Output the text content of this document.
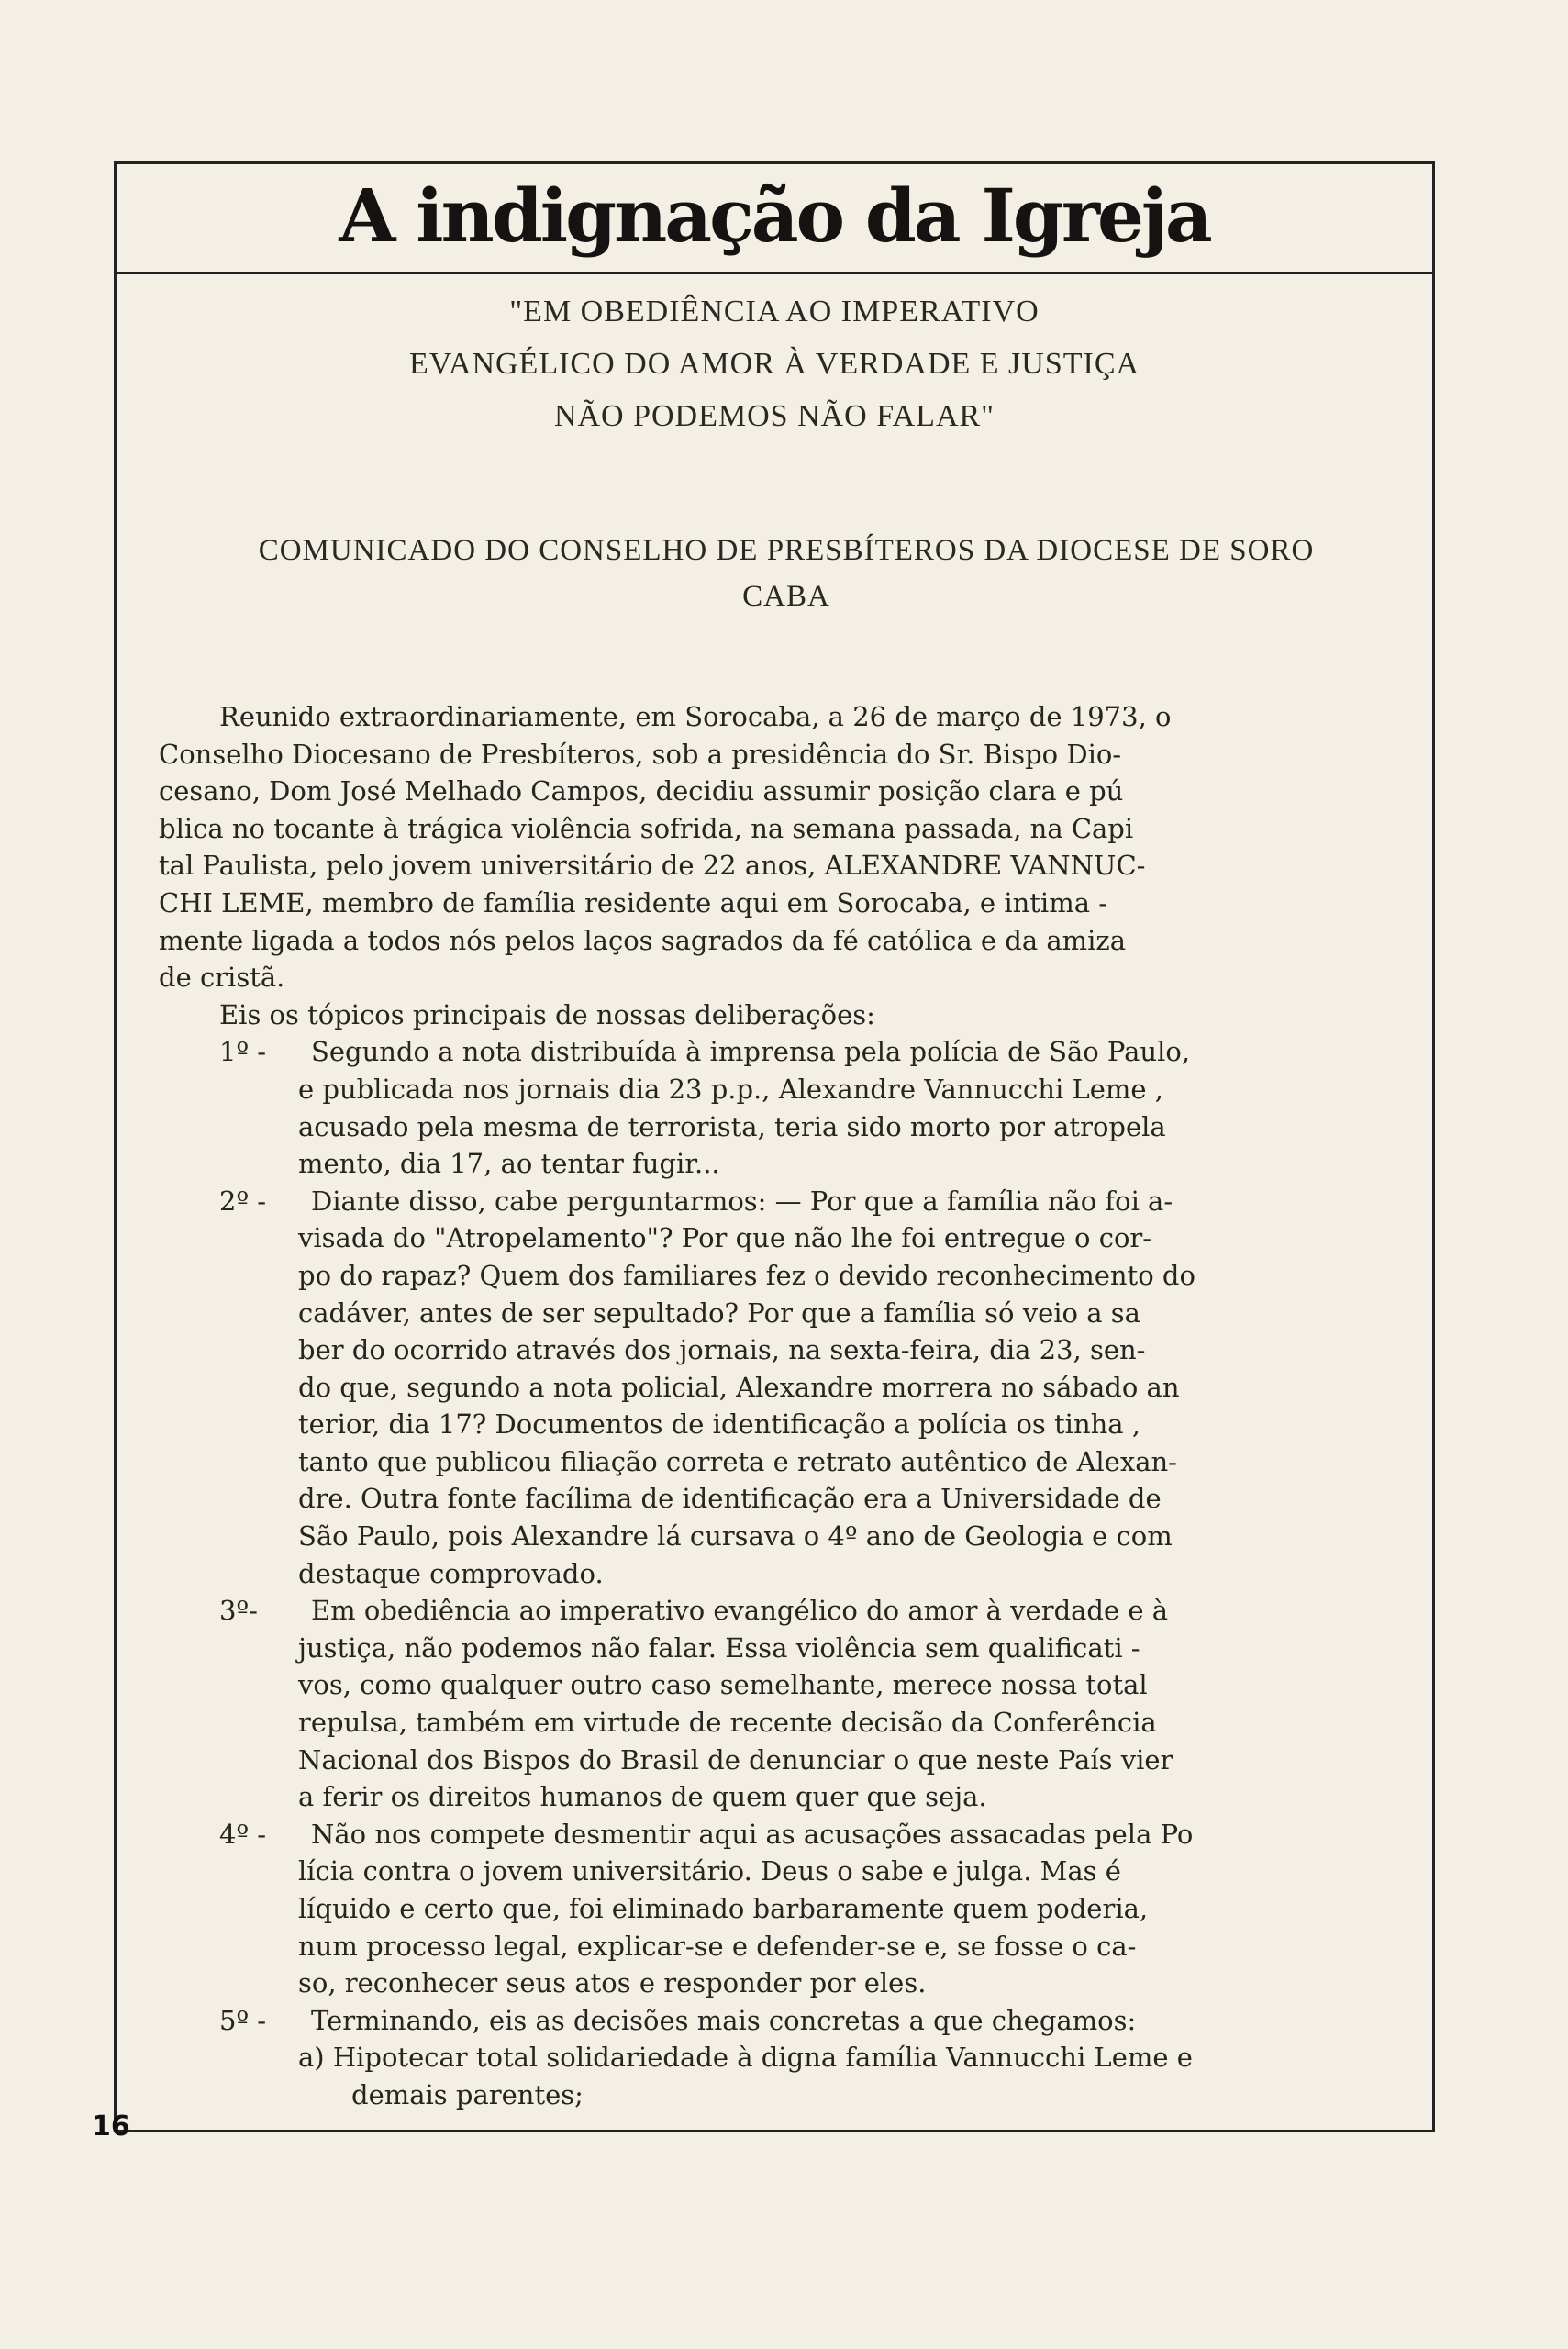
A indignação da Igreja
"EM OBEDIÊNCIA AO IMPERATIVO
EVANGÉLICO DO AMOR À VERDADE E JUSTIÇA
NÃO PODEMOS NÃO FALAR"
COMUNICADO DO CONSELHO DE PRESBÍTEROS DA DIOCESE DE SORO
CABA
Reunido extraordinariamente, em Sorocaba, a 26 de março de 1973, o
Conselho Diocesano de Presbíteros, sob a presidência do Sr. Bispo Dio-
cesano, Dom José Melhado Campos, decidiu assumir posição clara e pú
blica no tocante à trágica violência sofrida, na semana passada, na Capi
tal Paulista, pelo jovem universitário de 22 anos, ALEXANDRE VANNUC-
CHI LEME, membro de família residente aqui em Sorocaba, e intima -
mente ligada a todos nós pelos laços sagrados da fé católica e da amiza
de cristã.
Eis os tópicos principais de nossas deliberações:
1º - Segundo a nota distribuída à imprensa pela polícia de São Paulo,
e publicada nos jornais dia 23 p.p., Alexandre Vannucchi Leme ,
acusado pela mesma de terrorista, teria sido morto por atropela
mento, dia 17, ao tentar fugir...
2º - Diante disso, cabe perguntarmos: — Por que a família não foi a-
visada do "Atropelamento"? Por que não lhe foi entregue o cor-
po do rapaz? Quem dos familiares fez o devido reconhecimento do
cadáver, antes de ser sepultado? Por que a família só veio a sa
ber do ocorrido através dos jornais, na sexta-feira, dia 23, sen-
do que, segundo a nota policial, Alexandre morrera no sábado an
terior, dia 17? Documentos de identificação a polícia os tinha ,
tanto que publicou filiação correta e retrato autêntico de Alexan-
dre. Outra fonte facílima de identificação era a Universidade de
São Paulo, pois Alexandre lá cursava o 4º ano de Geologia e com
destaque comprovado.
3º- Em obediência ao imperativo evangélico do amor à verdade e à
justiça, não podemos não falar. Essa violência sem qualificati -
vos, como qualquer outro caso semelhante, merece nossa total
repulsa, também em virtude de recente decisão da Conferência
Nacional dos Bispos do Brasil de denunciar o que neste País vier
a ferir os direitos humanos de quem quer que seja.
4º - Não nos compete desmentir aqui as acusações assacadas pela Po
lícia contra o jovem universitário. Deus o sabe e julga. Mas é
líquido e certo que, foi eliminado barbaramente quem poderia,
num processo legal, explicar-se e defender-se e, se fosse o ca-
so, reconhecer seus atos e responder por eles.
5º - Terminando, eis as decisões mais concretas a que chegamos:
a) Hipotecar total solidariedade à digna família Vannucchi Leme e
demais parentes;
16
